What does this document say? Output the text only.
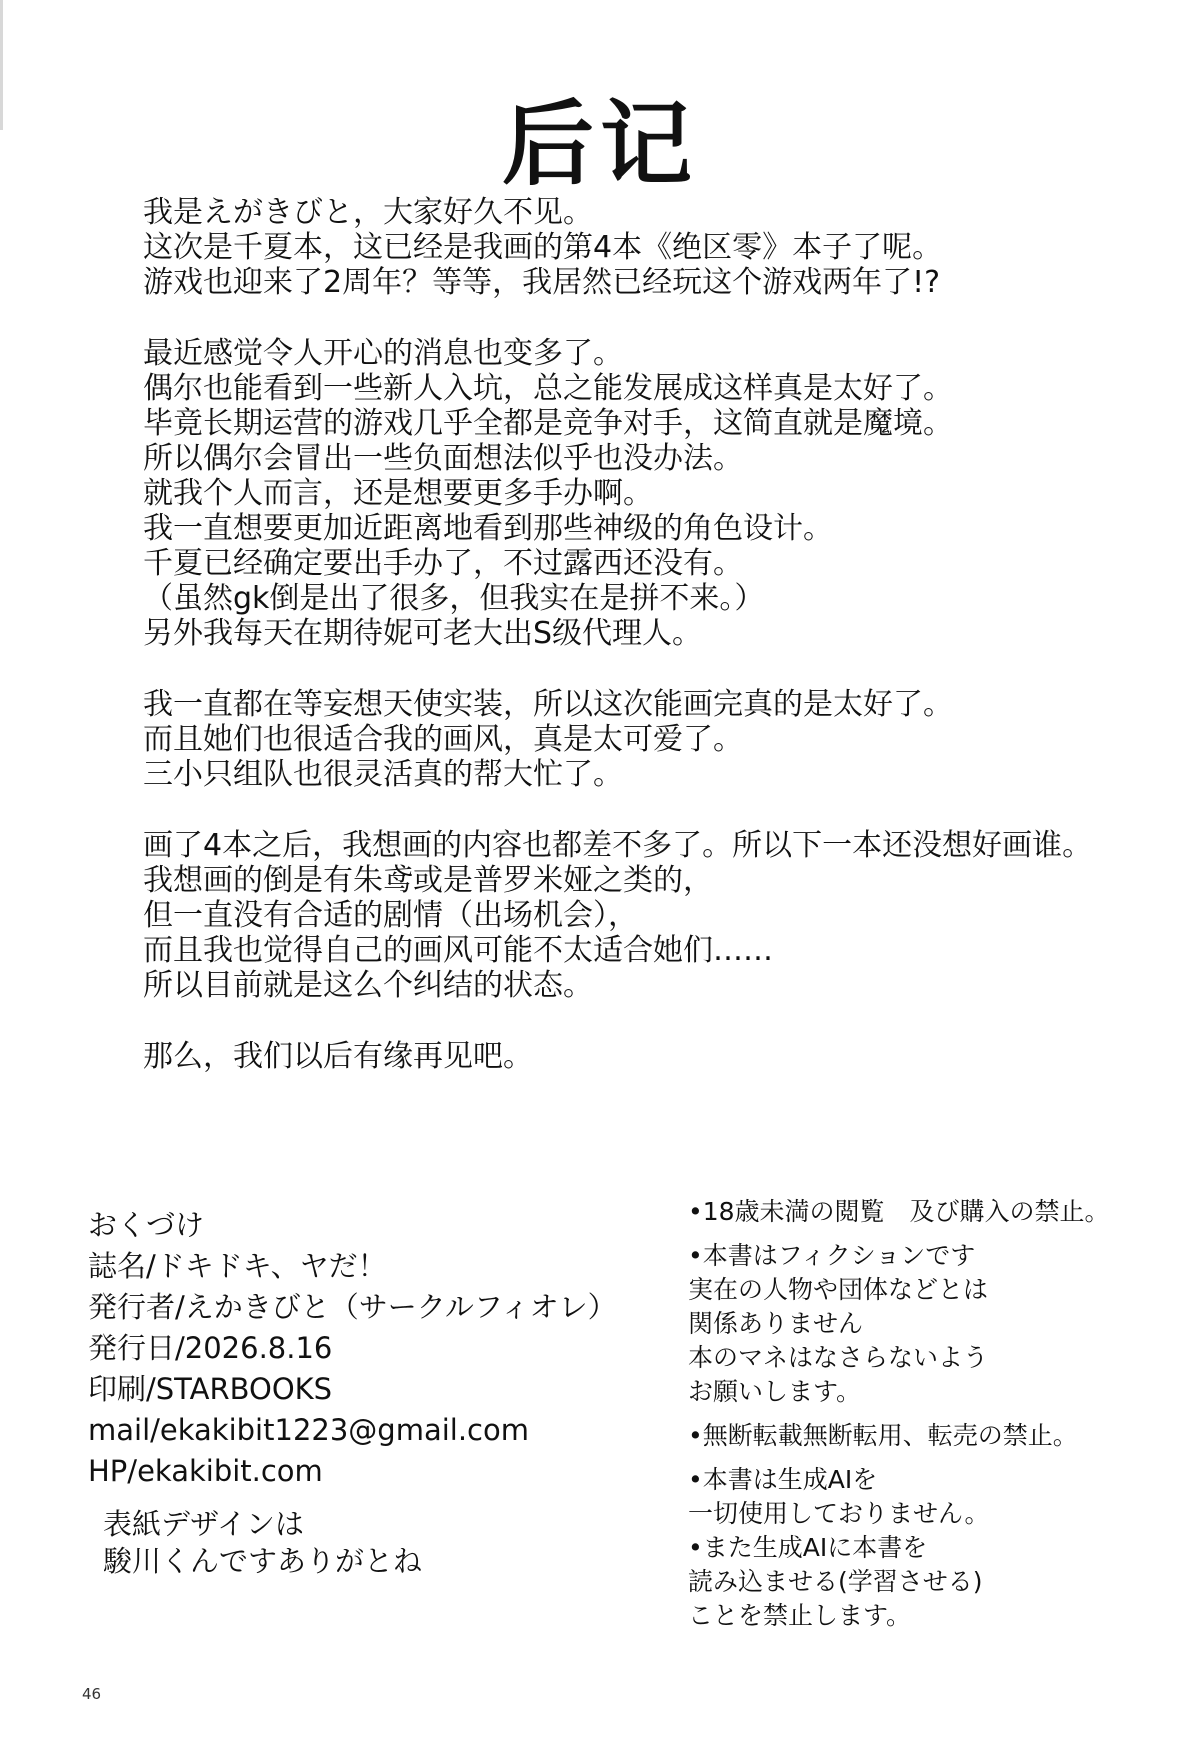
后记
我是えがきびと，大家好久不见。
这次是千夏本，这已经是我画的第4本《绝区零》本子了呢。
游戏也迎来了2周年？等等，我居然已经玩这个游戏两年了!?
最近感觉令人开心的消息也变多了。
偶尔也能看到一些新人入坑，总之能发展成这样真是太好了。
毕竟长期运营的游戏几乎全都是竞争对手，这简直就是魔境。
所以偶尔会冒出一些负面想法似乎也没办法。
就我个人而言，还是想要更多手办啊。
我一直想要更加近距离地看到那些神级的角色设计。
千夏已经确定要出手办了，不过露西还没有。
（虽然gk倒是出了很多，但我实在是拼不来。）
另外我每天在期待妮可老大出S级代理人。
我一直都在等妄想天使实装，所以这次能画完真的是太好了。
而且她们也很适合我的画风，真是太可爱了。
三小只组队也很灵活真的帮大忙了。
画了4本之后，我想画的内容也都差不多了。所以下一本还没想好画谁。
我想画的倒是有朱鸢或是普罗米娅之类的，
但一直没有合适的剧情（出场机会），
而且我也觉得自己的画风可能不太适合她们……
所以目前就是这么个纠结的状态。
那么，我们以后有缘再见吧。
おくづけ
誌名/ドキドキ、ヤだ！
発行者/えかきびと（サークルフィオレ）
発行日/2026.8.16
印刷/STARBOOKS
mail/ekakibit1223@gmail.com
HP/ekakibit.com
表紙デザインは
駿川くんですありがとね
•18歳未満の閲覧　及び購入の禁止。
•本書はフィクションです
実在の人物や団体などとは
関係ありません
本のマネはなさらないよう
お願いします。
•無断転載無断転用、転売の禁止。
•本書は生成AIを
一切使用しておりません。
•また生成AIに本書を
読み込ませる(学習させる)
ことを禁止します。
46
